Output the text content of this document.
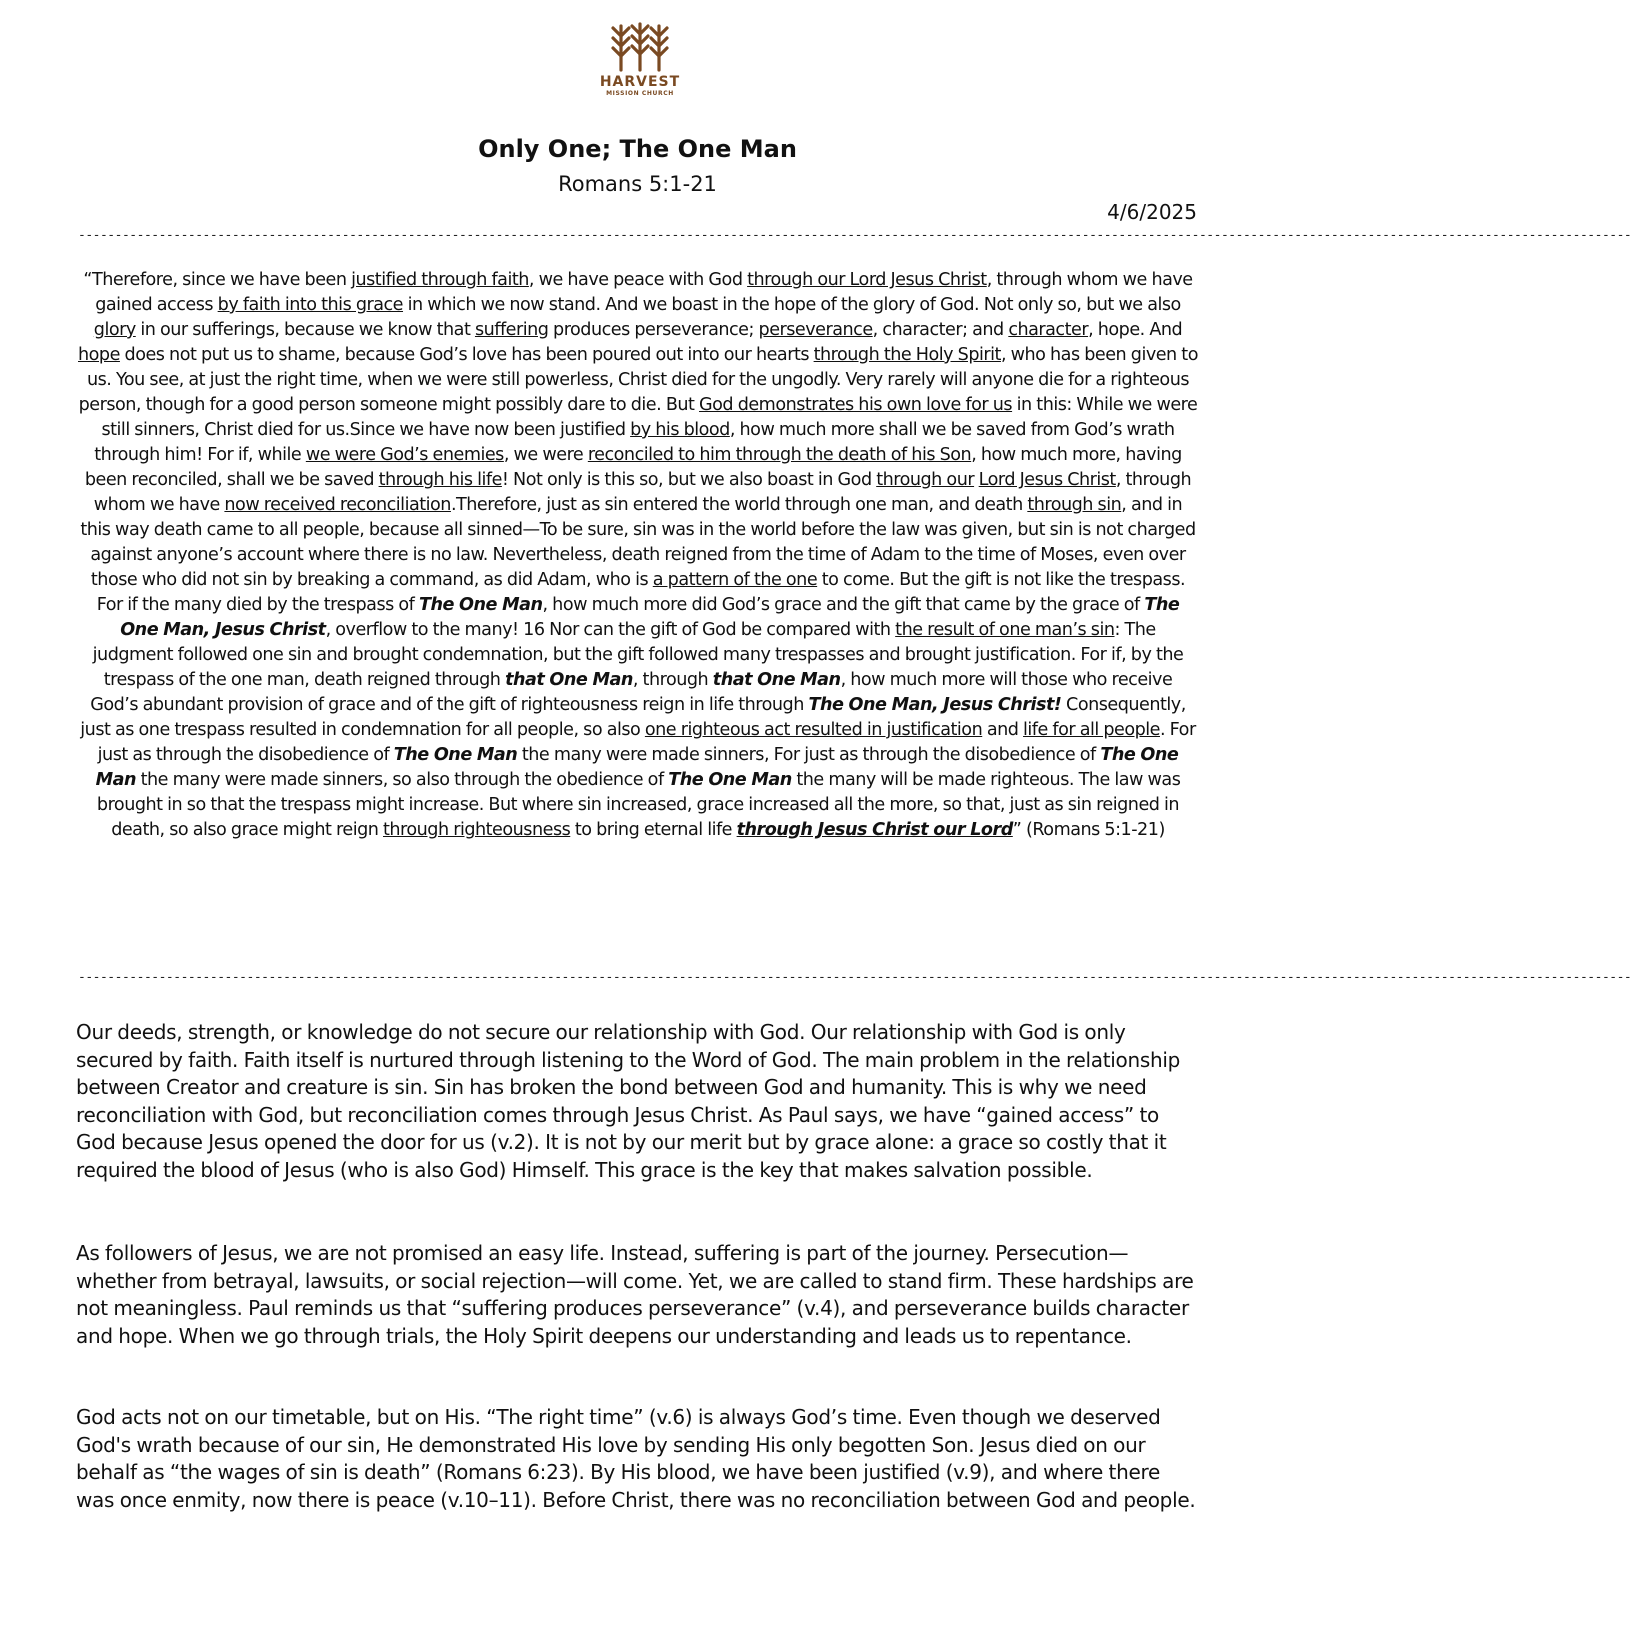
HARVEST
MISSION CHURCH
Only One; The One Man
Romans 5:1-21
4/6/2025
--------------------------------------------------------------------------------------------------------------------------------------------------------------------------------------------------------------------
“Therefore, since we have been justified through faith, we have peace with God through our Lord Jesus Christ, through whom we have gained access by faith into this grace in which we now stand. And we boast in the hope of the glory of God. Not only so, but we also glory in our sufferings, because we know that suffering produces perseverance; perseverance, character; and character, hope. And hope does not put us to shame, because God’s love has been poured out into our hearts through the Holy Spirit, who has been given to us. You see, at just the right time, when we were still powerless, Christ died for the ungodly. Very rarely will anyone die for a righteous person, though for a good person someone might possibly dare to die. But God demonstrates his own love for us in this: While we were still sinners, Christ died for us.Since we have now been justified by his blood, how much more shall we be saved from God’s wrath through him! For if, while we were God’s enemies, we were reconciled to him through the death of his Son, how much more, having been reconciled, shall we be saved through his life! Not only is this so, but we also boast in God through our Lord Jesus Christ, through whom we have now received reconciliation.Therefore, just as sin entered the world through one man, and death through sin, and in this way death came to all people, because all sinned—To be sure, sin was in the world before the law was given, but sin is not charged against anyone’s account where there is no law. Nevertheless, death reigned from the time of Adam to the time of Moses, even over those who did not sin by breaking a command, as did Adam, who is a pattern of the one to come. But the gift is not like the trespass. For if the many died by the trespass of The One Man, how much more did God’s grace and the gift that came by the grace of The One Man, Jesus Christ, overflow to the many! 16 Nor can the gift of God be compared with the result of one man’s sin: The judgment followed one sin and brought condemnation, but the gift followed many trespasses and brought justification. For if, by the trespass of the one man, death reigned through that One Man, through that One Man, how much more will those who receive God’s abundant provision of grace and of the gift of righteousness reign in life through The One Man, Jesus Christ! Consequently, just as one trespass resulted in condemnation for all people, so also one righteous act resulted in justification and life for all people. For just as through the disobedience of The One Man the many were made sinners, For just as through the disobedience of The One Man the many were made sinners, so also through the obedience of The One Man the many will be made righteous. The law was brought in so that the trespass might increase. But where sin increased, grace increased all the more, so that, just as sin reigned in death, so also grace might reign through righteousness to bring eternal life through Jesus Christ our Lord” (Romans 5:1-21)
--------------------------------------------------------------------------------------------------------------------------------------------------------------------------------------------------------------------

Our deeds, strength, or knowledge do not secure our relationship with God. Our relationship with God is only secured by faith. Faith itself is nurtured through listening to the Word of God. The main problem in the relationship between Creator and creature is sin. Sin has broken the bond between God and humanity. This is why we need reconciliation with God, but reconciliation comes through Jesus Christ. As Paul says, we have “gained access” to God because Jesus opened the door for us (v.2). It is not by our merit but by grace alone: a grace so costly that it required the blood of Jesus (who is also God) Himself. This grace is the key that makes salvation possible.

As followers of Jesus, we are not promised an easy life. Instead, suffering is part of the journey. Persecution—whether from betrayal, lawsuits, or social rejection—will come. Yet, we are called to stand firm. These hardships are not meaningless. Paul reminds us that “suffering produces perseverance” (v.4), and perseverance builds character and hope. When we go through trials, the Holy Spirit deepens our understanding and leads us to repentance.

God acts not on our timetable, but on His. “The right time” (v.6) is always God’s time. Even though we deserved God's wrath because of our sin, He demonstrated His love by sending His only begotten Son. Jesus died on our behalf as “the wages of sin is death” (Romans 6:23). By His blood, we have been justified (v.9), and where there was once enmity, now there is peace (v.10–11). Before Christ, there was no reconciliation between God and people.
